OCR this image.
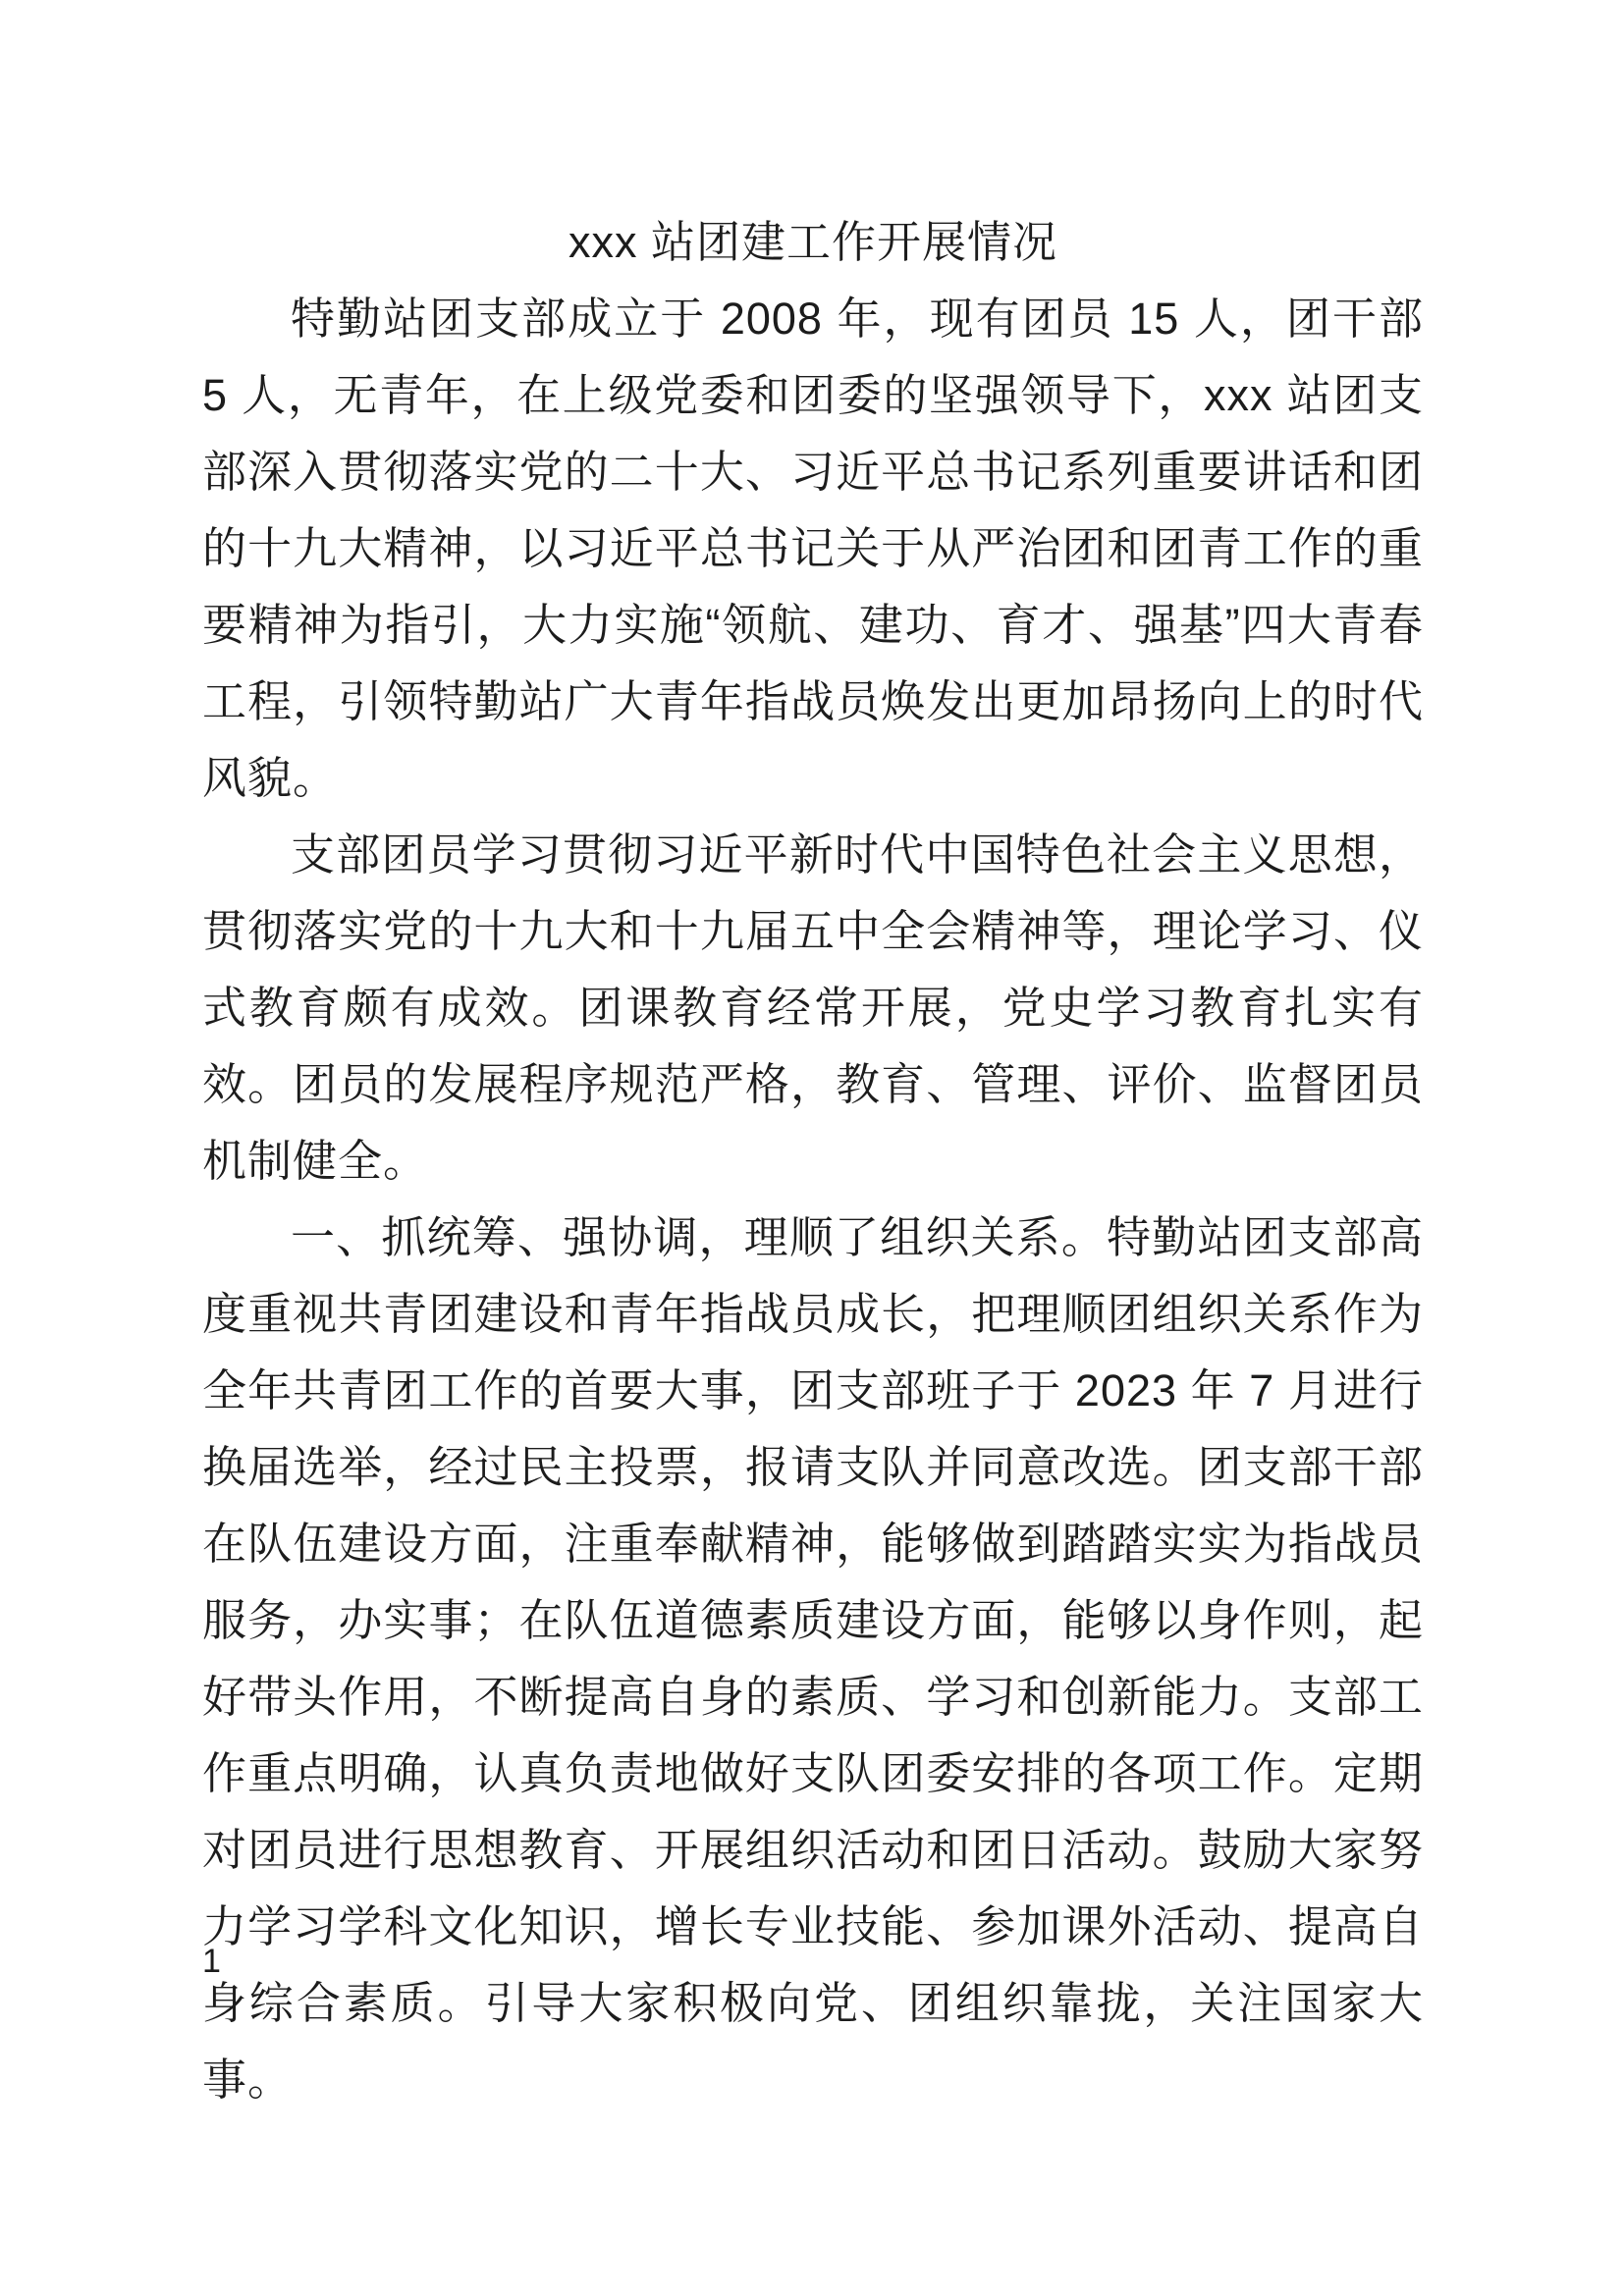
xxx 站团建工作开展情况

特勤站团支部成立于 2008 年，现有团员 15 人，团干部 5 人，无青年，在上级党委和团委的坚强领导下，xxx 站团支部深入贯彻落实党的二十大、习近平总书记系列重要讲话和团的十九大精神，以习近平总书记关于从严治团和团青工作的重要精神为指引，大力实施“领航、建功、育才、强基”四大青春工程，引领特勤站广大青年指战员焕发出更加昂扬向上的时代风貌。

支部团员学习贯彻习近平新时代中国特色社会主义思想，贯彻落实党的十九大和十九届五中全会精神等，理论学习、仪式教育颇有成效。团课教育经常开展，党史学习教育扎实有效。团员的发展程序规范严格，教育、管理、评价、监督团员机制健全。

一、抓统筹、强协调，理顺了组织关系。特勤站团支部高度重视共青团建设和青年指战员成长，把理顺团组织关系作为全年共青团工作的首要大事，团支部班子于 2023 年 7 月进行换届选举，经过民主投票，报请支队并同意改选。团支部干部在队伍建设方面，注重奉献精神，能够做到踏踏实实为指战员服务，办实事；在队伍道德素质建设方面，能够以身作则，起好带头作用，不断提高自身的素质、学习和创新能力。支部工作重点明确，认真负责地做好支队团委安排的各项工作。定期对团员进行思想教育、开展组织活动和团日活动。鼓励大家努力学习学科文化知识，增长专业技能、参加课外活动、提高自身综合素质。引导大家积极向党、团组织靠拢，关注国家大事。

1
